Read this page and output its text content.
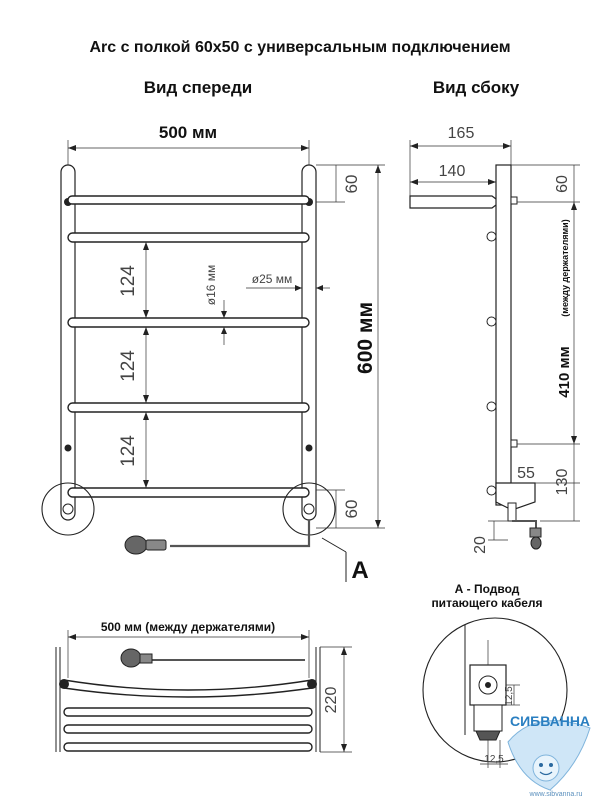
Arc с полкой 60х50 с универсальным подключением
Вид спереди	Вид сбоку
500 мм
124
124
124
ø16 мм	ø25 мм
60
60
600 мм
A
165
140
60
410 мм
(между держателями)
130
55
20
500 мм (между держателями)
220
А - Подвод
питающего кабеля
12,5
12,5
СИБВАННА
www.sibvanna.ru
